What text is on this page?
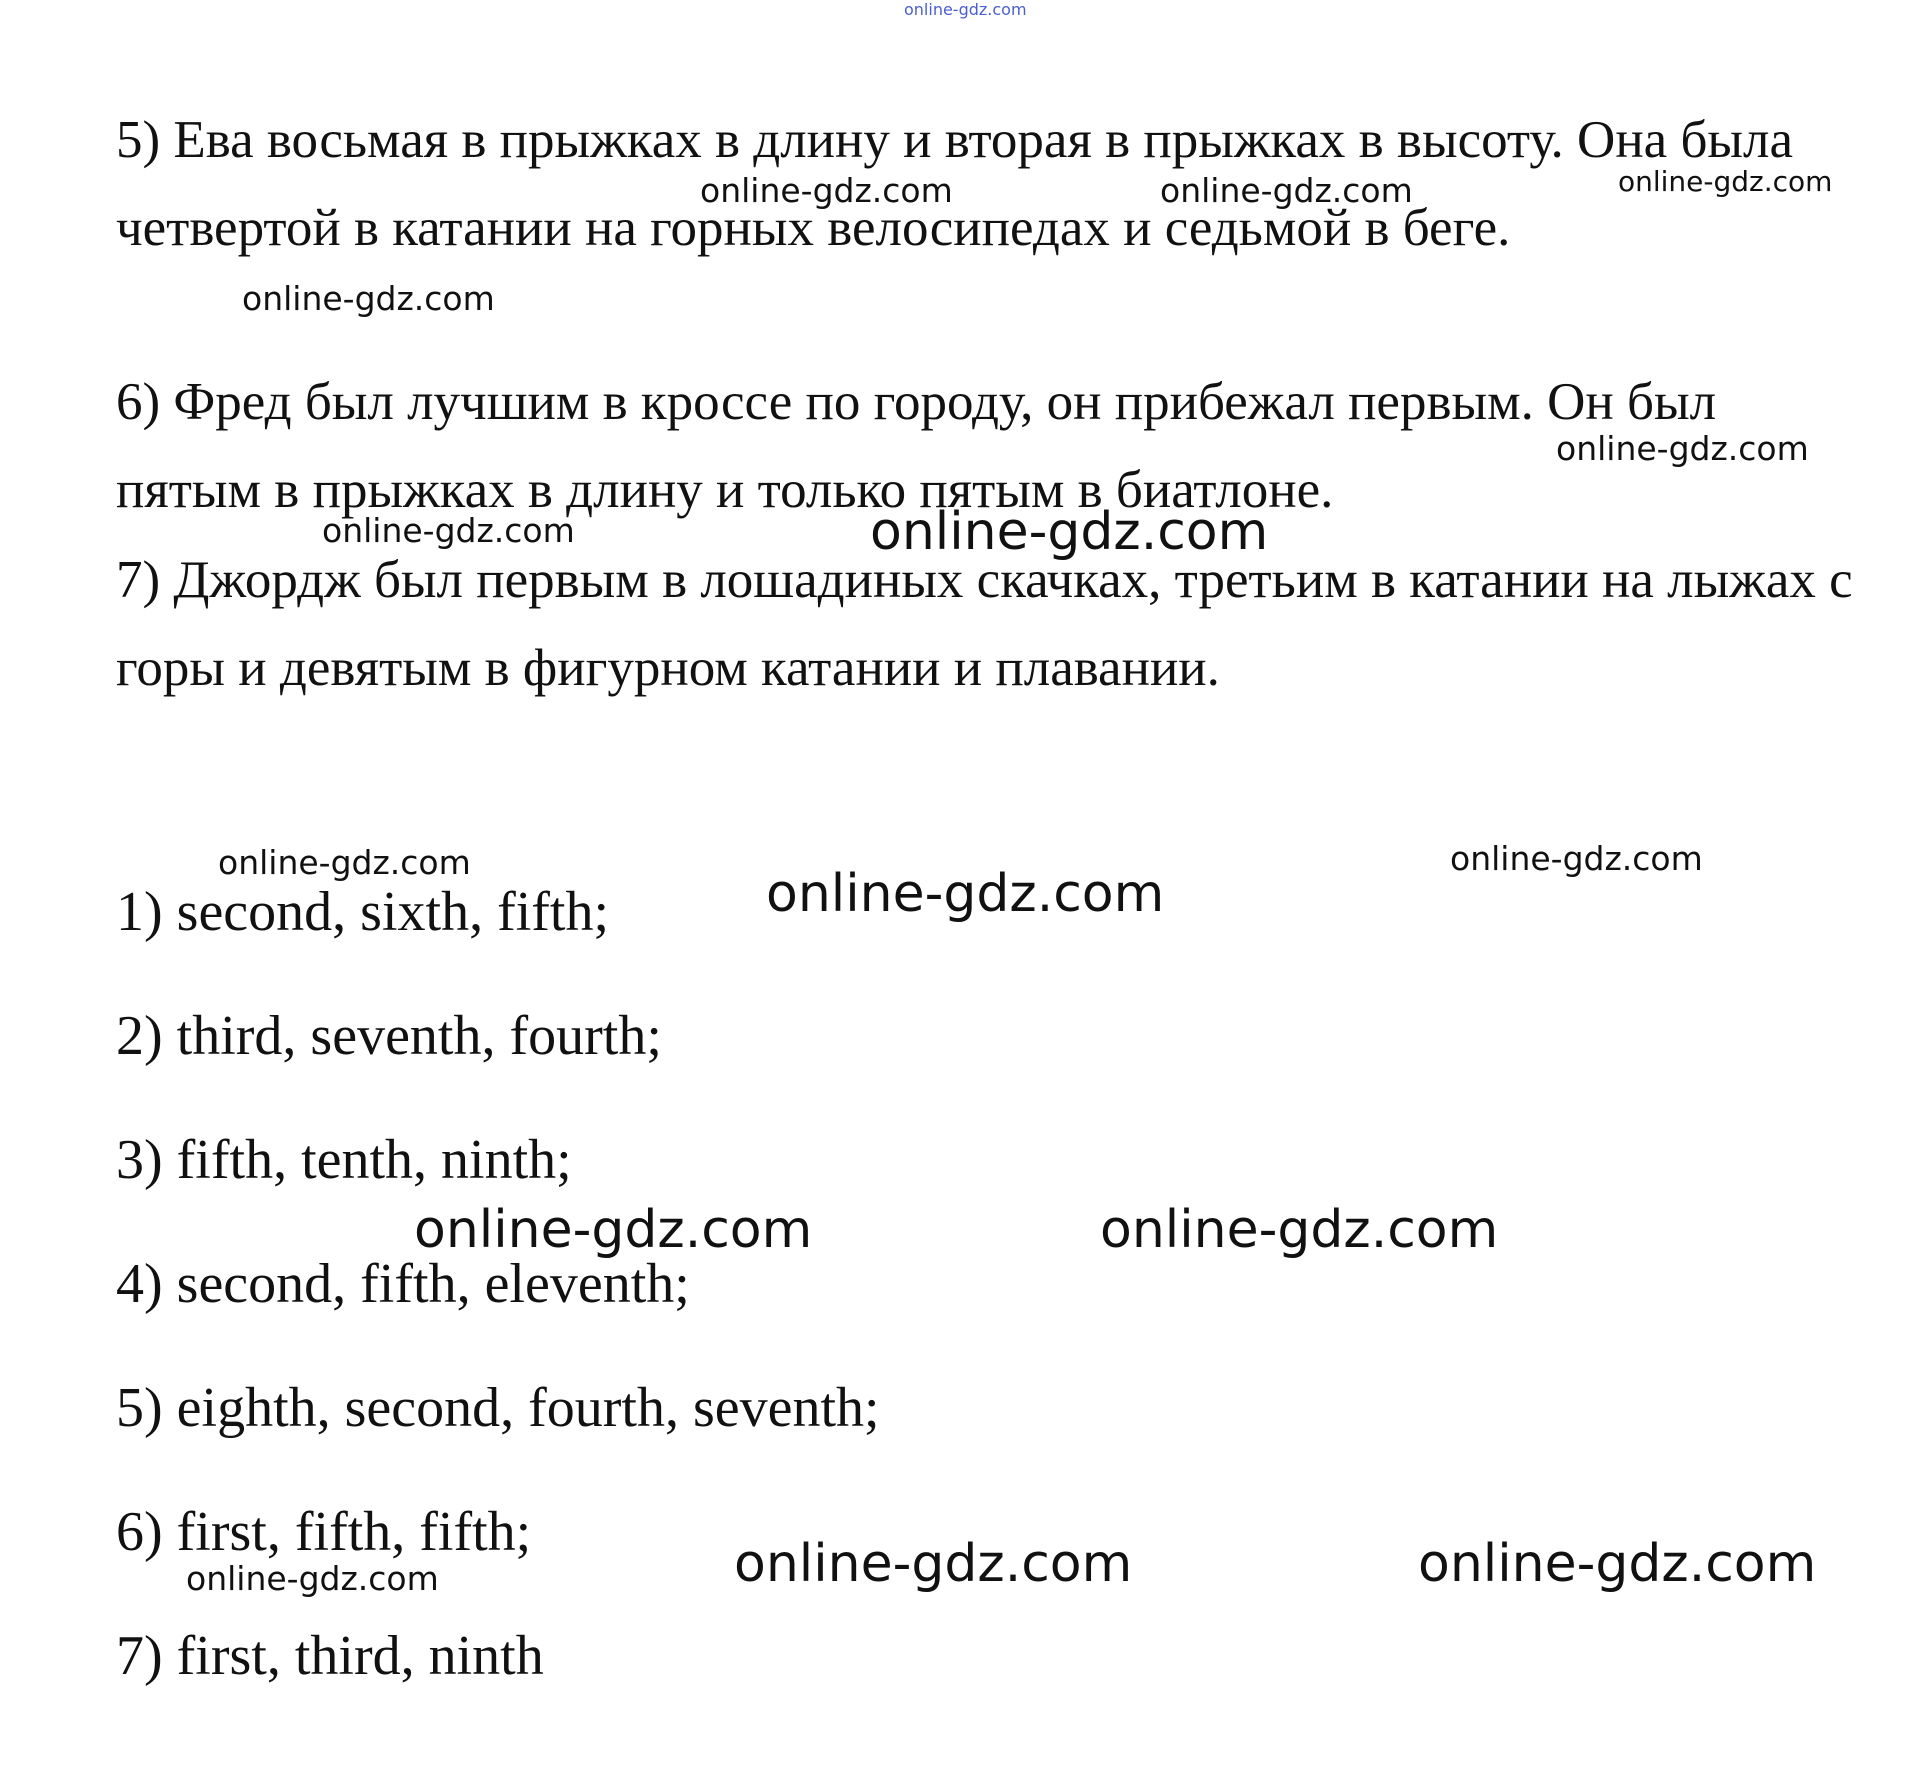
5) Ева восьмая в прыжках в длину и вторая в прыжках в высоту. Она была четвертой в катании на горных велосипедах и седьмой в беге.

6) Фред был лучшим в кроссе по городу, он прибежал первым. Он был пятым в прыжках в длину и только пятым в биатлоне.

7) Джордж был первым в лошадиных скачках, третьим в катании на лыжах с горы и девятым в фигурном катании и плавании.

1) second, sixth, fifth;

2) third, seventh, fourth;

3) fifth, tenth, ninth;

4) second, fifth, eleventh;

5) eighth, second, fourth, seventh;

6) first, fifth, fifth;

7) first, third, ninth

online-gdz.com
online-gdz.com	online-gdz.com	online-gdz.com
online-gdz.com
online-gdz.com
online-gdz.com	online-gdz.com
online-gdz.com	online-gdz.com
online-gdz.com
online-gdz.com	online-gdz.com
online-gdz.com	online-gdz.com
online-gdz.com
